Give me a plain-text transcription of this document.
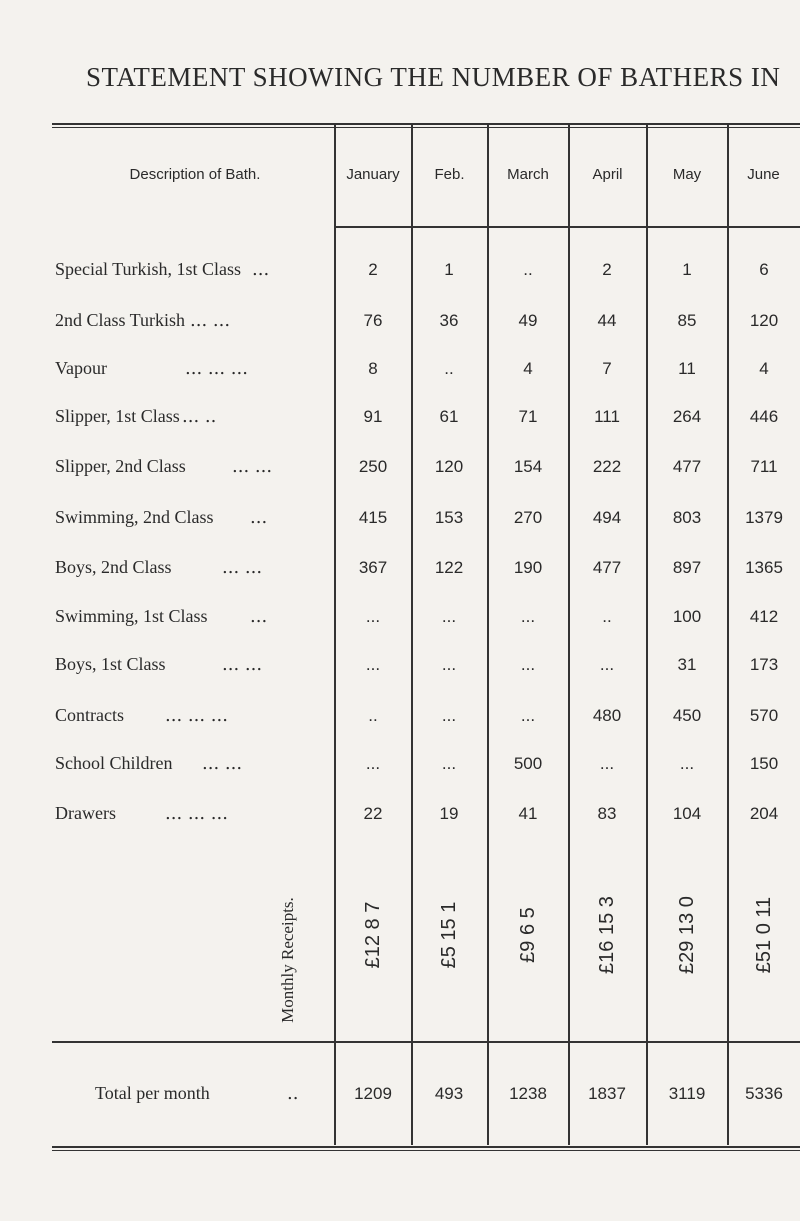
STATEMENT SHOWING THE NUMBER OF BATHERS IN
Description of Bath.	January	Feb.	March	April	May	June
Special Turkish, 1st Class ...	2	1	..	2	1	6
2nd Class Turkish ... ...	76	36	49	44	85	120
Vapour	... ... ...	8	..	4	7	11	4
Slipper, 1st Class ... ..	91	61	71	111	264	446
Slipper, 2nd Class	... ...	250	120	154	222	477	711
Swimming, 2nd Class ...	415	153	270	494	803	1379
Boys, 2nd Class	... ...	367	122	190	477	897	1365
Swimming, 1st Class ...	...	...	...	..	100	412
Boys, 1st Class	... ...	...	...	...	...	31	173
Contracts ... ... ...	..	...	...	480	450	570
School Children ... ...	...	...	500	...	...	150
Drawers	... ... ...	22	19	41	83	104	204
Monthly Receipts.	£12 8 7	£5 15 1	£9 6 5	£16 15 3	£29 13 0	£51 0 11
Total per month	..	1209	493	1238	1837	3119	5336
